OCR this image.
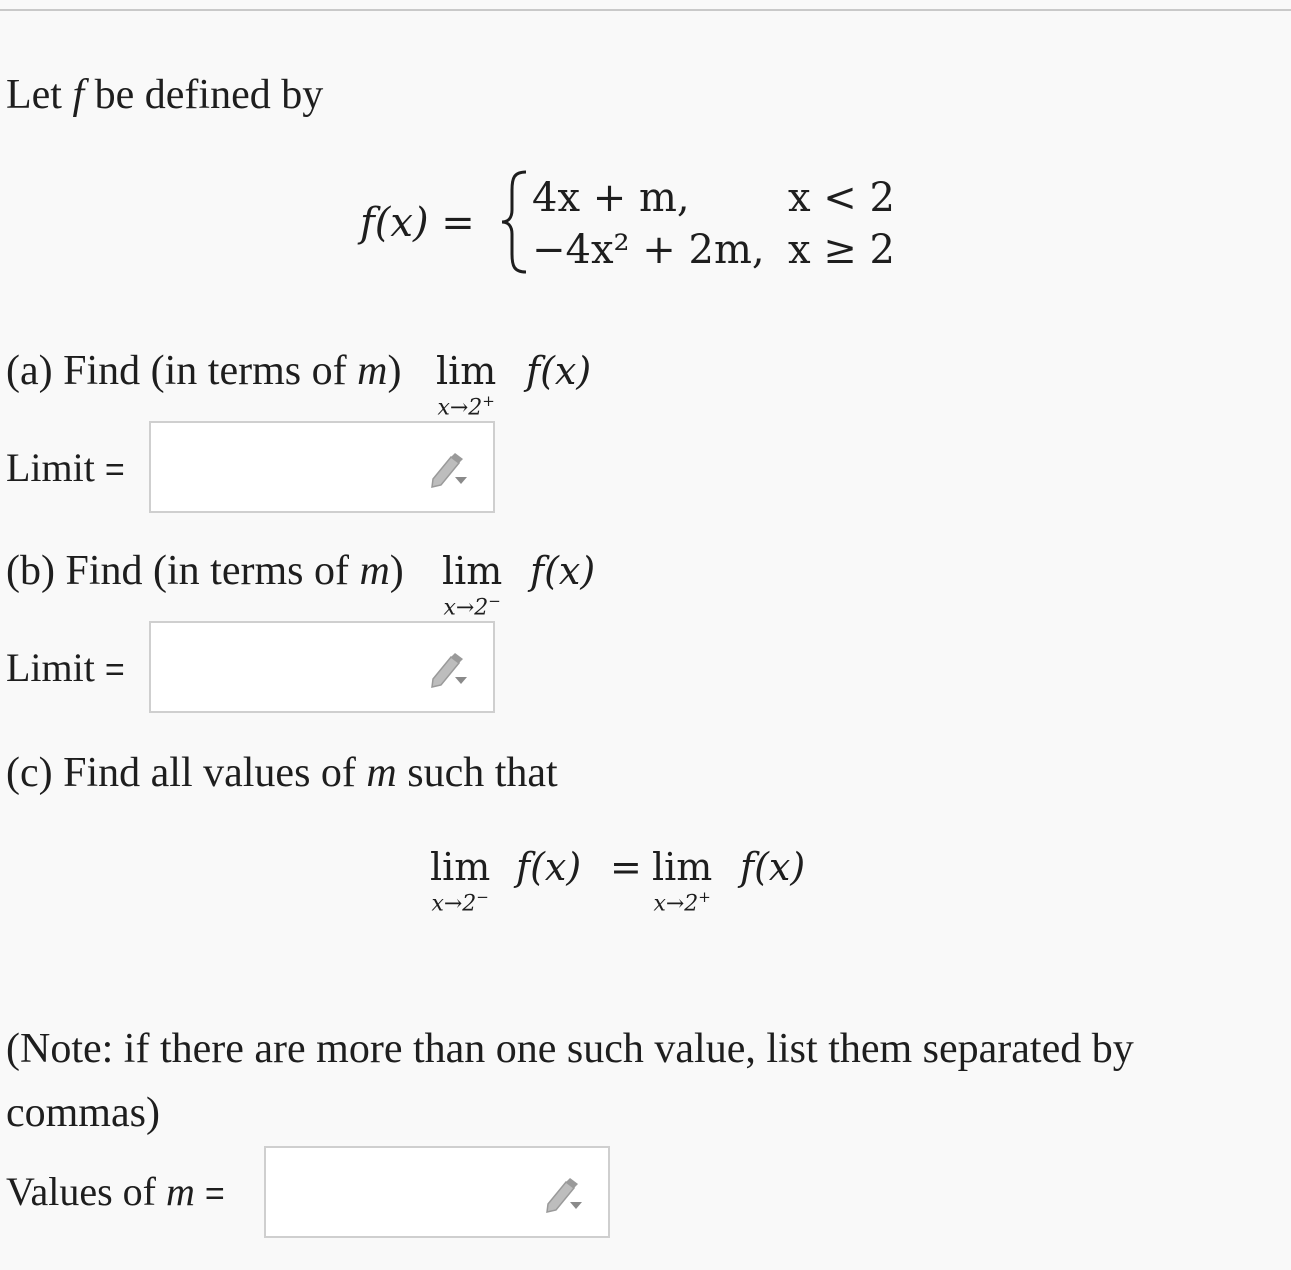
Let f be defined by
f(x) =
4x + m, x < 2
−4x² + 2m, x ≥ 2
(a) Find (in terms of m) lim
x→2+
f(x)
Limit =
(b) Find (in terms of m) lim
x→2−
f(x)
Limit =
(c) Find all values of m such that
lim
x→2−
f(x) = lim
x→2+
f(x)
(Note: if there are more than one such value, list them separated by
commas)
Values of m =
